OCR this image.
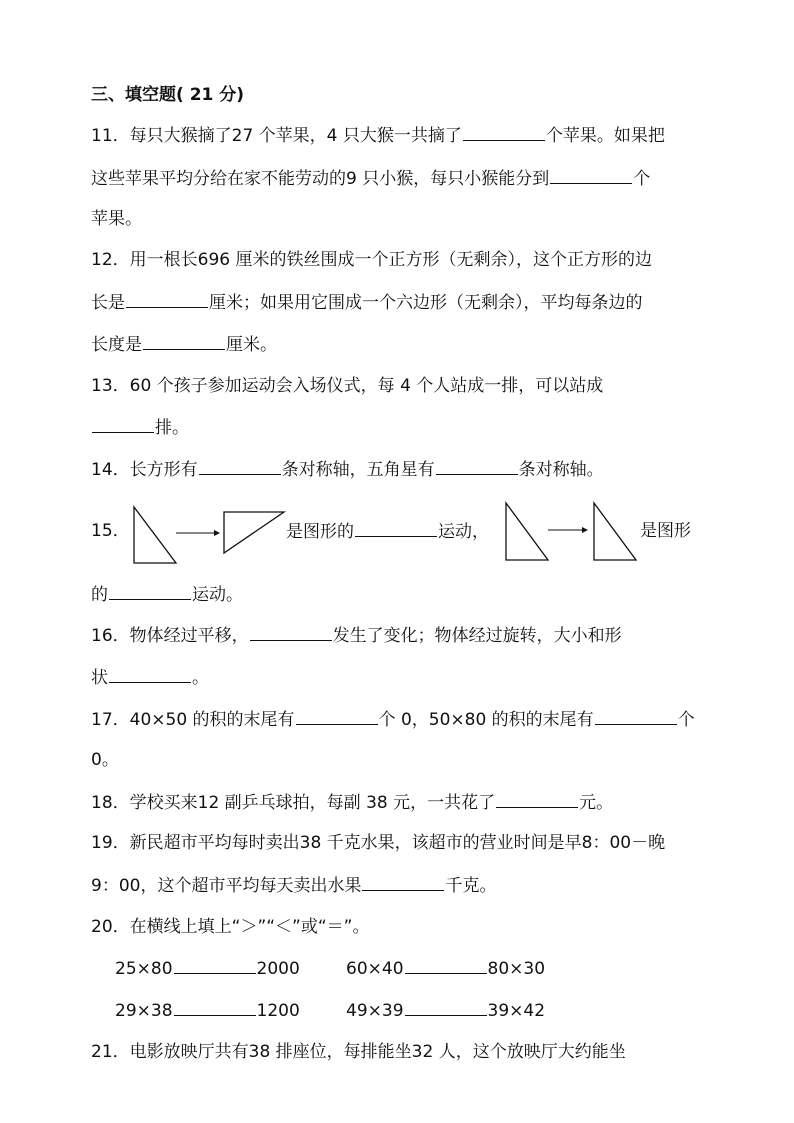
三、填空题( 21 分)
11．每只大猴摘了27 个苹果，4 只大猴一共摘了	个苹果。如果把
这些苹果平均分给在家不能劳动的9 只小猴，每只小猴能分到	个
苹果。
12．用一根长696 厘米的铁丝围成一个正方形（无剩余），这个正方形的边
长是	厘米；如果用它围成一个六边形（无剩余），平均每条边的
长度是	厘米。
13．60 个孩子参加运动会入场仪式，每 4 个人站成一排，可以站成
排。
14．长方形有	条对称轴，五角星有	条对称轴。
15．	是图形的	运动，	是图形
的	运动。
16．物体经过平移，	发生了变化；物体经过旋转，大小和形
状	。
17．40×50 的积的末尾有	个 0，50×80 的积的末尾有	个
0。
18．学校买来12 副乒乓球拍，每副 38 元，一共花了	元。
19．新民超市平均每时卖出38 千克水果，该超市的营业时间是早8：00－晚
9：00，这个超市平均每天卖出水果	千克。
20．在横线上填上“＞”“＜”或“＝”。
25×80	2000	60×40	80×30
29×38	1200	49×39	39×42
21．电影放映厅共有38 排座位，每排能坐32 人，这个放映厅大约能坐
